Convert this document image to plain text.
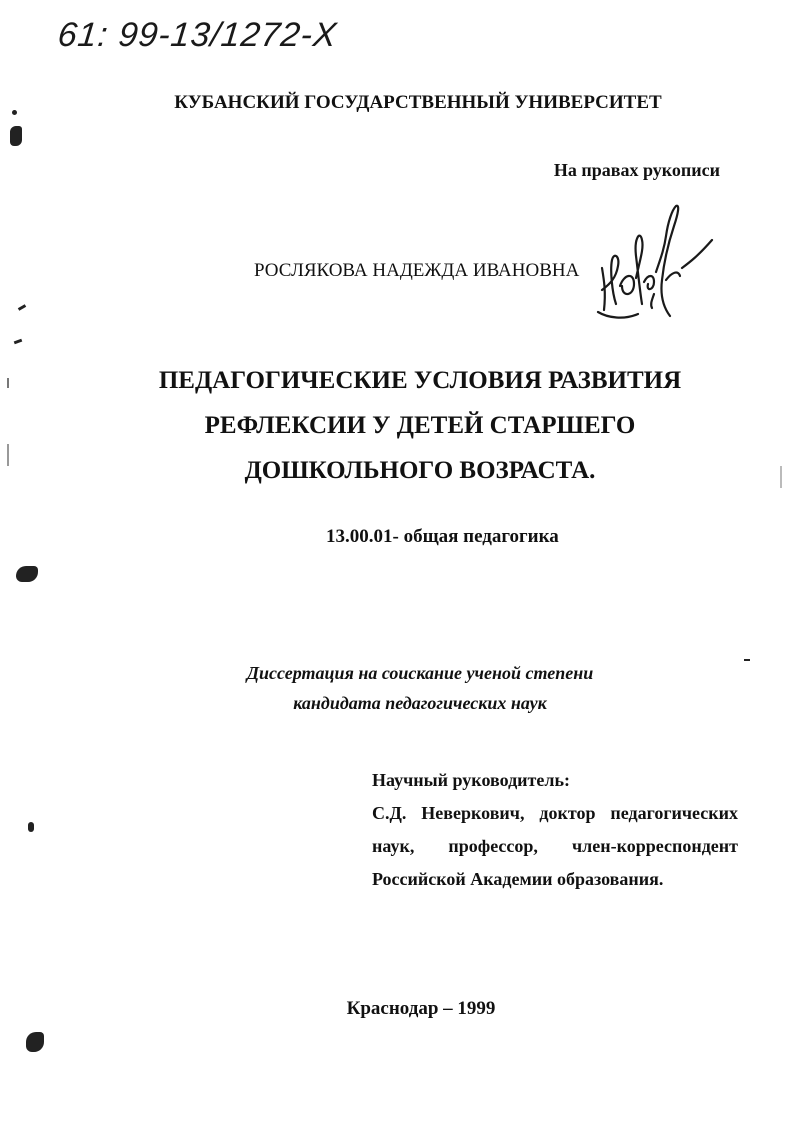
61: 99-13/1272-X
КУБАНСКИЙ ГОСУДАРСТВЕННЫЙ УНИВЕРСИТЕТ
На правах рукописи
РОСЛЯКОВА НАДЕЖДА ИВАНОВНА
ПЕДАГОГИЧЕСКИЕ УСЛОВИЯ РАЗВИТИЯ
РЕФЛЕКСИИ У ДЕТЕЙ СТАРШЕГО
ДОШКОЛЬНОГО ВОЗРАСТА.
13.00.01- общая педагогика
Диссертация на соискание ученой степени
кандидата педагогических наук
Научный руководитель:
С.Д. Неверкович, доктор педагогических
наук, профессор, член-корреспондент
Российской Академии образования.
Краснодар – 1999
